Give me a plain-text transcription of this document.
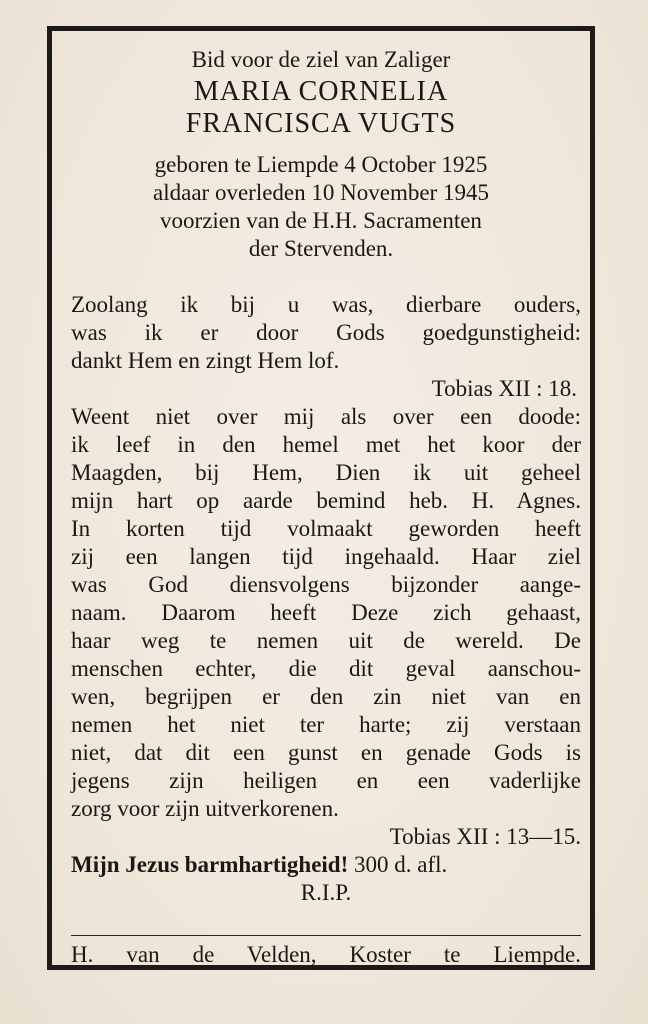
Bid voor de ziel van Zaliger
MARIA CORNELIA
FRANCISCA VUGTS
geboren te Liempde 4 October 1925
aldaar overleden 10 November 1945
voorzien van de H.H. Sacramenten
der Stervenden.
Zoolang ik bij u was, dierbare ouders,
was ik er door Gods goedgunstigheid:
dankt Hem en zingt Hem lof.
Tobias XII : 18.
Weent niet over mij als over een doode:
ik leef in den hemel met het koor der
Maagden, bij Hem, Dien ik uit geheel
mijn hart op aarde bemind heb. H. Agnes.
In korten tijd volmaakt geworden heeft
zij een langen tijd ingehaald. Haar ziel
was God diensvolgens bijzonder aange-
naam. Daarom heeft Deze zich gehaast,
haar weg te nemen uit de wereld. De
menschen echter, die dit geval aanschou-
wen, begrijpen er den zin niet van en
nemen het niet ter harte; zij verstaan
niet, dat dit een gunst en genade Gods is
jegens zijn heiligen en een vaderlijke
zorg voor zijn uitverkorenen.
Tobias XII : 13—15.
Mijn Jezus barmhartigheid! 300 d. afl.
R.I.P.
H. van de Velden, Koster te Liempde.
